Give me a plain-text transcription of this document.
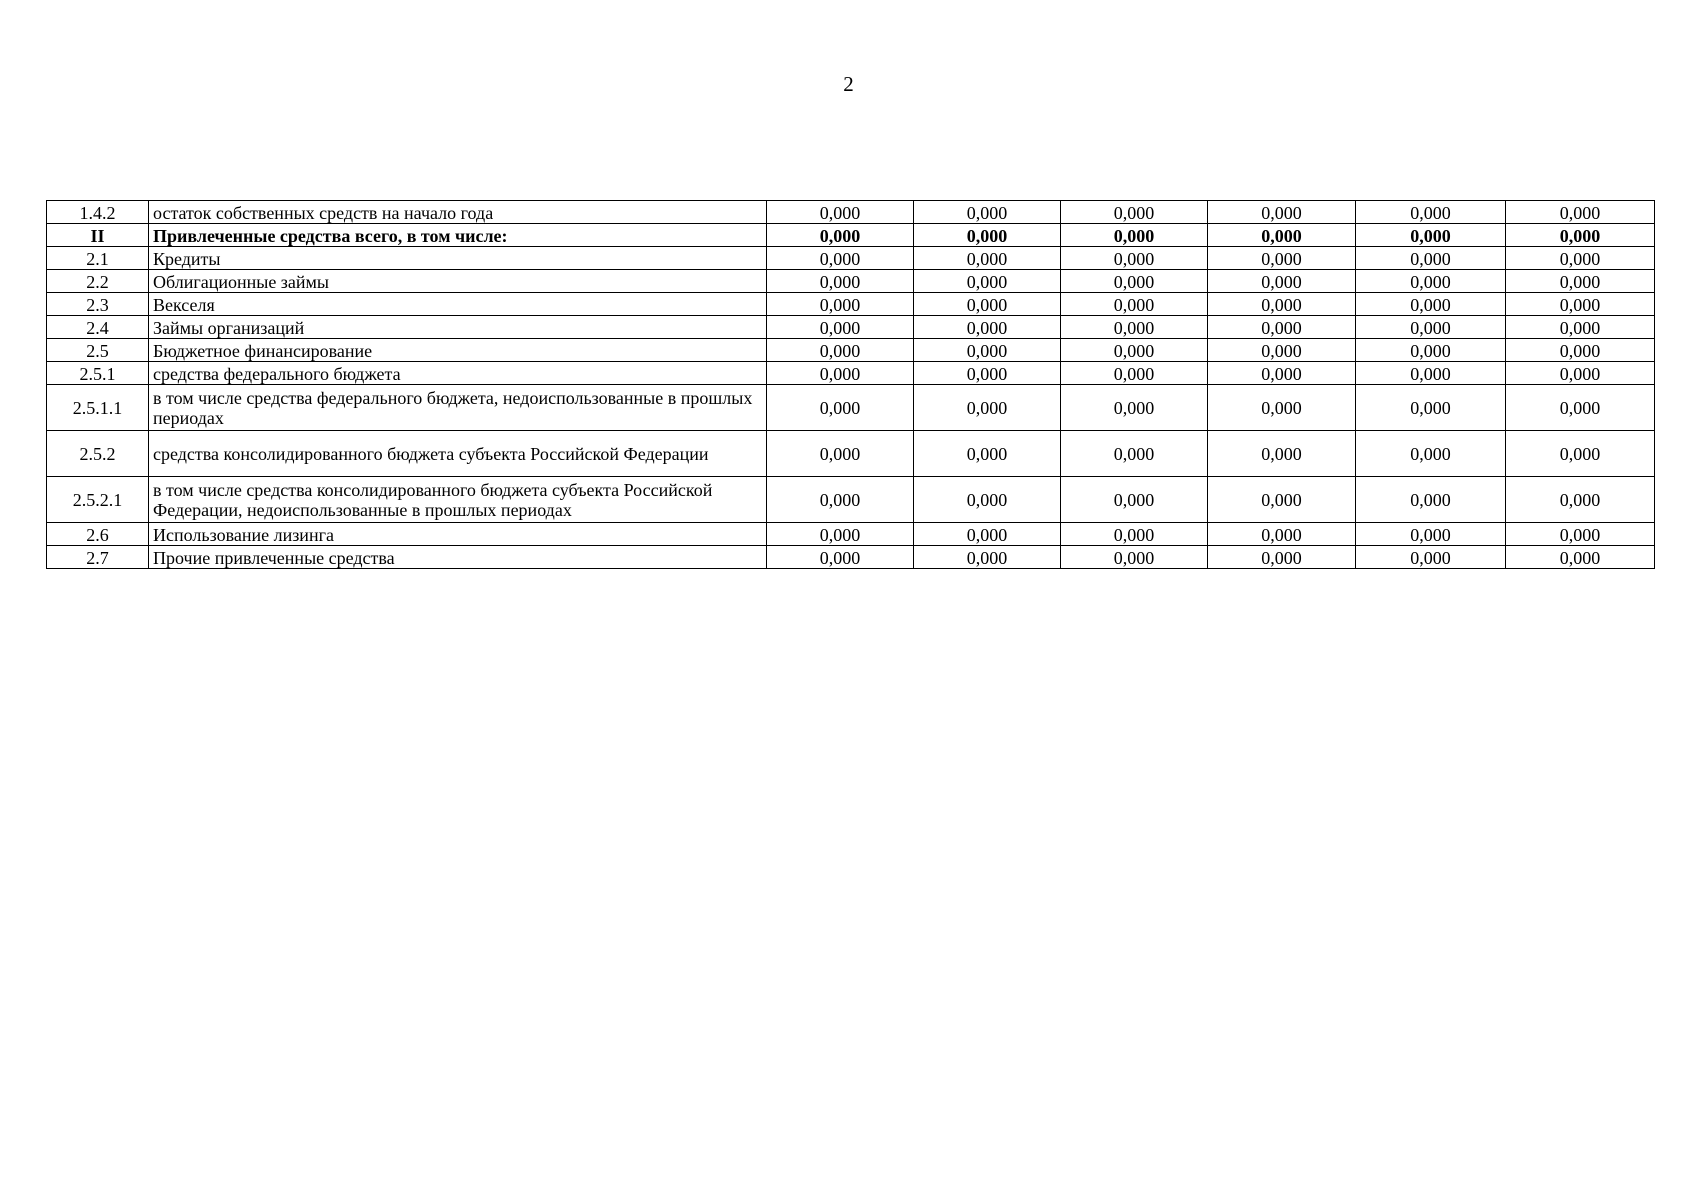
2
1.4.2	остаток собственных средств на начало года	0,000	0,000	0,000	0,000	0,000	0,000
II	Привлеченные средства всего, в том числе:	0,000	0,000	0,000	0,000	0,000	0,000
2.1	Кредиты	0,000	0,000	0,000	0,000	0,000	0,000
2.2	Облигационные займы	0,000	0,000	0,000	0,000	0,000	0,000
2.3	Векселя	0,000	0,000	0,000	0,000	0,000	0,000
2.4	Займы организаций	0,000	0,000	0,000	0,000	0,000	0,000
2.5	Бюджетное финансирование	0,000	0,000	0,000	0,000	0,000	0,000
2.5.1	средства федерального бюджета	0,000	0,000	0,000	0,000	0,000	0,000
2.5.1.1	в том числе средства федерального бюджета, недоиспользованные в прошлых периодах	0,000	0,000	0,000	0,000	0,000	0,000
2.5.2	средства консолидированного бюджета субъекта Российской Федерации	0,000	0,000	0,000	0,000	0,000	0,000
2.5.2.1	в том числе средства консолидированного бюджета субъекта Российской Федерации, недоиспользованные в прошлых периодах	0,000	0,000	0,000	0,000	0,000	0,000
2.6	Использование лизинга	0,000	0,000	0,000	0,000	0,000	0,000
2.7	Прочие привлеченные средства	0,000	0,000	0,000	0,000	0,000	0,000
